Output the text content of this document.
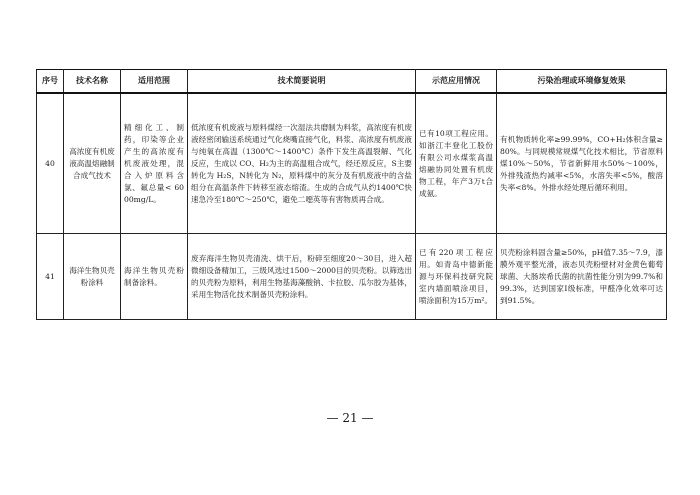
序号	技术名称	适用范围	技术简要说明	示范应用情况	污染治理或环境修复效果
40	高浓度有机废液高温熔融制合成气技术	精细化工、制药，印染等企业产生的高浓度有机废液处理，混合入炉原料含氯、氟总量< 6000mg/L。	低浓度有机废液与原料煤经一次湿法共磨制为料浆，高浓度有机废液经密闭输送系统通过气化烧嘴直接气化，料浆、高浓度有机废液与纯氧在高温（1300℃～1400℃）条件下发生高温裂解、气化反应，生成以 CO、H₂为主的高温粗合成气，经还原反应，S主要转化为 H₂S，N转化为 N₂，原料煤中的灰分及有机废液中的含盐组分在高温条件下转移至液态熔渣。生成的合成气从约1400℃快速急冷至180℃～250℃，避免二噁英等有害物质再合成。	已有10项工程应用。如浙江丰登化工股份有限公司水煤浆高温熔融协同处置有机废物工程，年产3万t合成氨。	有机物质转化率≥99.99%，CO+H₂体积含量≥80%。与同规模常规煤气化技术相比，节省原料煤10%～50%，节省新鲜用水50%～100%，外排残渣热灼减率<5%，水溶失率<5%，酸溶失率<8%。外排水经处理后循环利用。
41	海洋生物贝壳粉涂料	海洋生物贝壳粉制备涂料。	废弃海洋生物贝壳清洗、烘干后，粉碎至细度20～30目，进入超微细设备精加工，三级风选过1500～2000目的贝壳粉。以筛选出的贝壳粉为原料，利用生物基海藻酸钠、卡拉胶、瓜尔胶为基体，采用生物活化技术制备贝壳粉涂料。	已有220项工程应用。如青岛中德新能源与环保科技研究院室内墙面喷涂项目，喷涂面积为15万m²。	贝壳粉涂料固含量≥50%，pH值7.35～7.9，漆膜外观平整光滑，液态贝壳粉壁材对金黄色葡萄球菌、大肠埃希氏菌的抗菌性能分别为99.7%和99.3%，达到国家I级标准，甲醛净化效率可达到91.5%。
— 21 —
